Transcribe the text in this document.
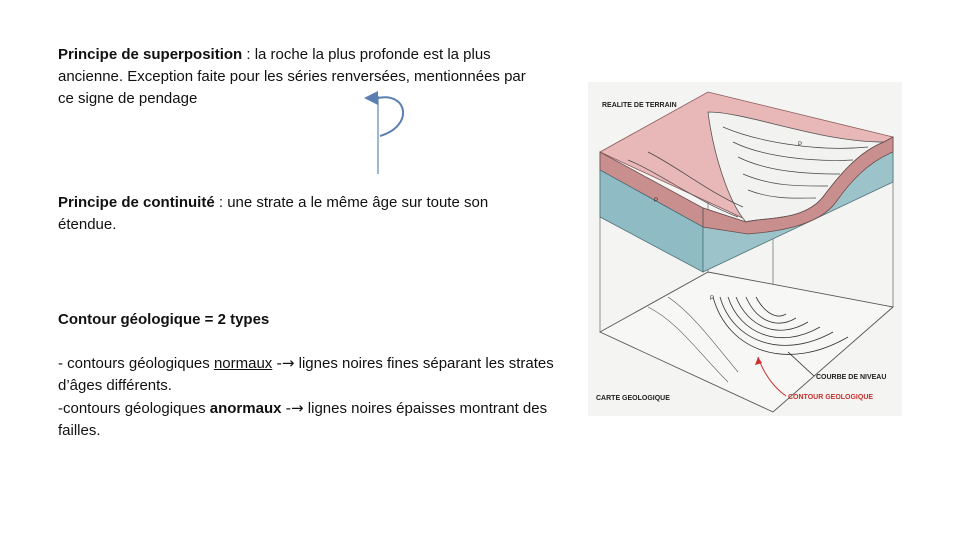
Principe de superposition : la roche la plus profonde est la plus ancienne. Exception faite pour les séries renversées, mentionnées par ce signe de pendage
Principe de continuité : une strate a le même âge sur toute son étendue.
Contour géologique = 2 types
- contours géologiques normaux -→ lignes noires fines séparant les strates d’âges différents.
-contours géologiques anormaux -→ lignes noires épaisses montrant des failles.
REALITE DE TERRAIN
CARTE GEOLOGIQUE
COURBE DE NIVEAU
CONTOUR GEOLOGIQUE
P
P
P
